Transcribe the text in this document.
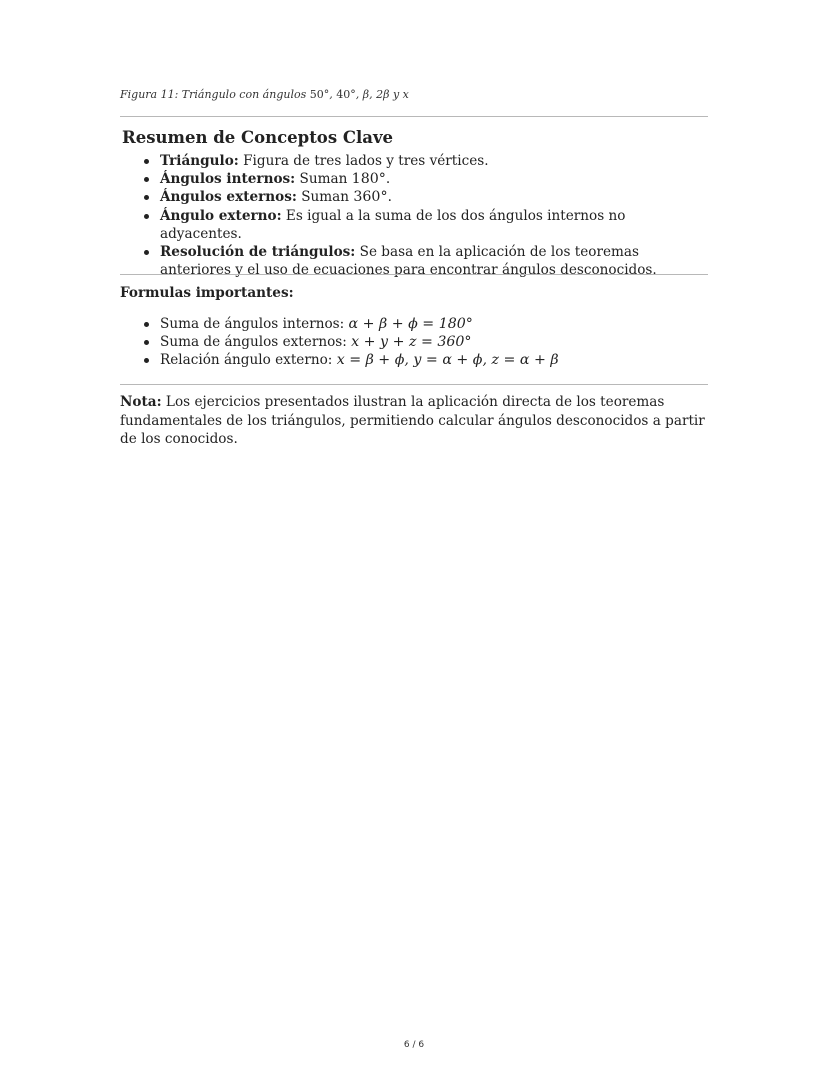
Figura 11: Triángulo con ángulos 50°, 40°, β, 2β y x
Resumen de Conceptos Clave
Triángulo: Figura de tres lados y tres vértices.
Ángulos internos: Suman 180°.
Ángulos externos: Suman 360°.
Ángulo externo: Es igual a la suma de los dos ángulos internos no adyacentes.
Resolución de triángulos: Se basa en la aplicación de los teoremas anteriores y el uso de ecuaciones para encontrar ángulos desconocidos.
Formulas importantes:
Suma de ángulos internos: α + β + ϕ = 180°
Suma de ángulos externos: x + y + z = 360°
Relación ángulo externo: x = β + ϕ, y = α + ϕ, z = α + β
Nota: Los ejercicios presentados ilustran la aplicación directa de los teoremas fundamentales de los triángulos, permitiendo calcular ángulos desconocidos a partir de los conocidos.
6 / 6
